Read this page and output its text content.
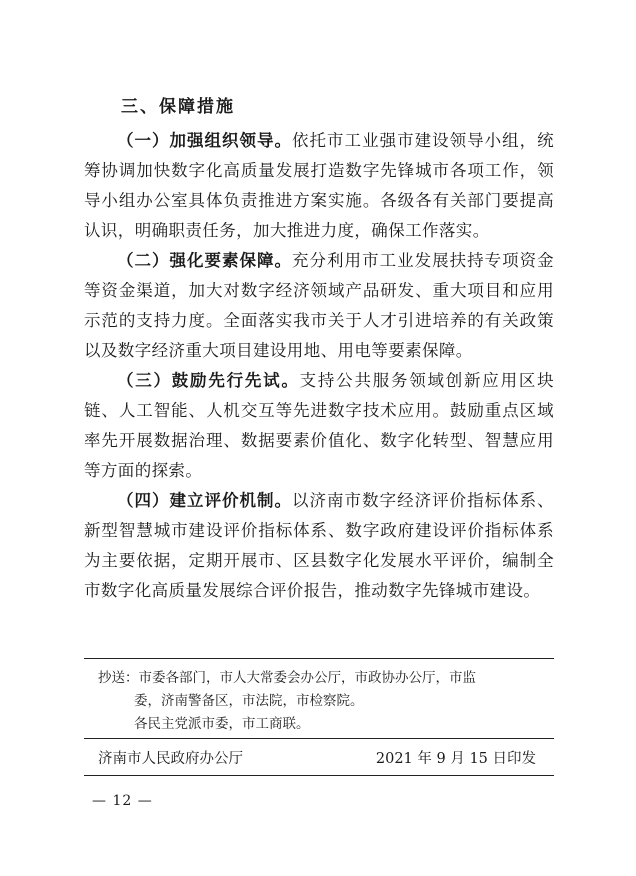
三、保障措施

（一）加强组织领导。依托市工业强市建设领导小组，统筹协调加快数字化高质量发展打造数字先锋城市各项工作，领导小组办公室具体负责推进方案实施。各级各有关部门要提高认识，明确职责任务，加大推进力度，确保工作落实。

（二）强化要素保障。充分利用市工业发展扶持专项资金等资金渠道，加大对数字经济领域产品研发、重大项目和应用示范的支持力度。全面落实我市关于人才引进培养的有关政策以及数字经济重大项目建设用地、用电等要素保障。

（三）鼓励先行先试。支持公共服务领域创新应用区块链、人工智能、人机交互等先进数字技术应用。鼓励重点区域率先开展数据治理、数据要素价值化、数字化转型、智慧应用等方面的探索。

（四）建立评价机制。以济南市数字经济评价指标体系、新型智慧城市建设评价指标体系、数字政府建设评价指标体系为主要依据，定期开展市、区县数字化发展水平评价，编制全市数字化高质量发展综合评价报告，推动数字先锋城市建设。

抄送：市委各部门，市人大常委会办公厅，市政协办公厅，市监
委，济南警备区，市法院，市检察院。
各民主党派市委，市工商联。
济南市人民政府办公厅	2021 年 9 月 15 日印发
— 12 —
